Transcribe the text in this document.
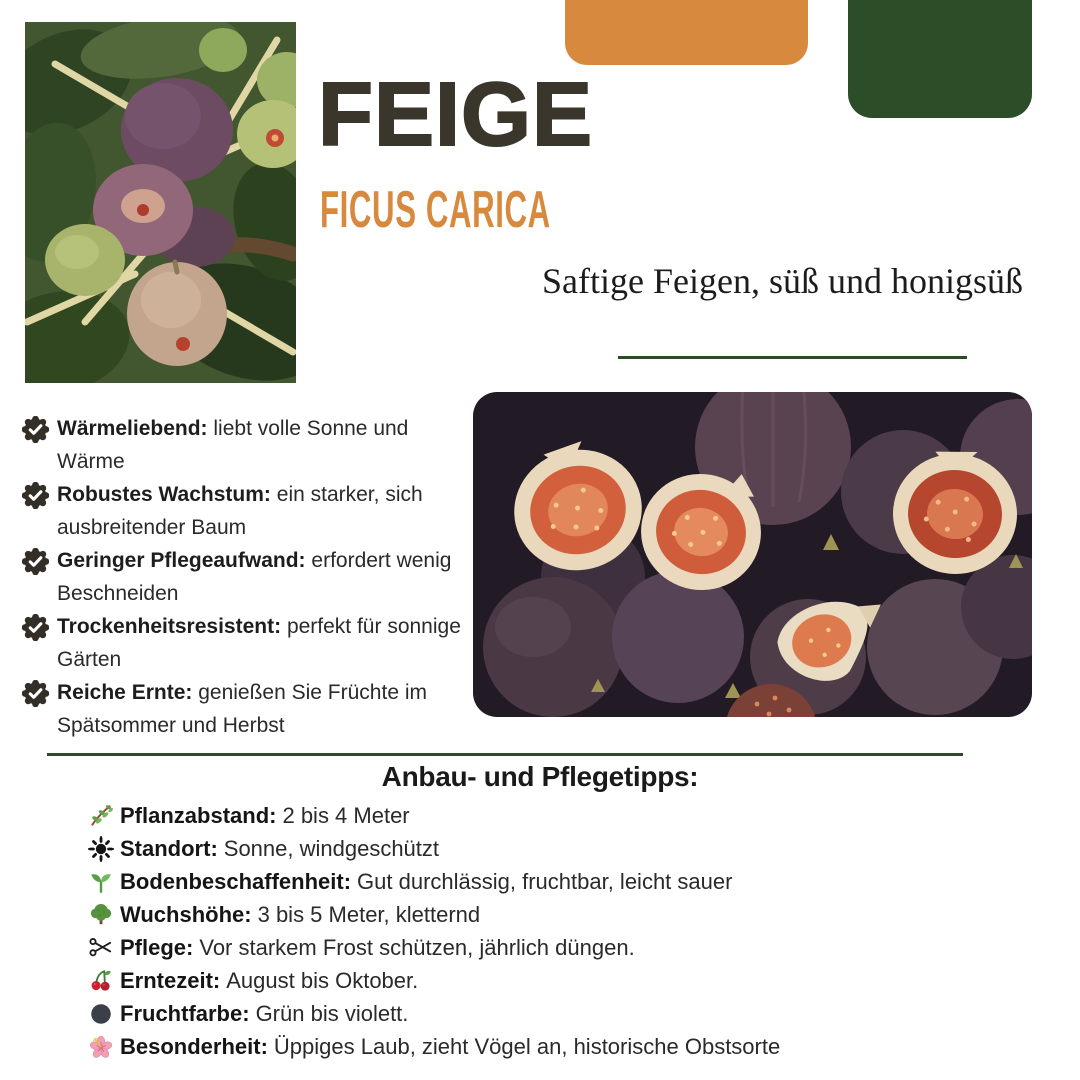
FEIGE
FICUS CARICA
Saftige Feigen, süß und honigsüß

Wärmeliebend: liebt volle Sonne und Wärme

Robustes Wachstum: ein starker, sich ausbreitender Baum

Geringer Pflegeaufwand: erfordert wenig Beschneiden

Trockenheitsresistent: perfekt für sonnige Gärten

Reiche Ernte: genießen Sie Früchte im Spätsommer und Herbst

Anbau- und Pflegetipps:
Pflanzabstand: 2 bis 4 Meter
Standort: Sonne, windgeschützt
Bodenbeschaffenheit: Gut durchlässig, fruchtbar, leicht sauer
Wuchshöhe: 3 bis 5 Meter, kletternd
Pflege: Vor starkem Frost schützen, jährlich düngen.
Erntezeit: August bis Oktober.
Fruchtfarbe: Grün bis violett.
Besonderheit: Üppiges Laub, zieht Vögel an, historische Obstsorte
